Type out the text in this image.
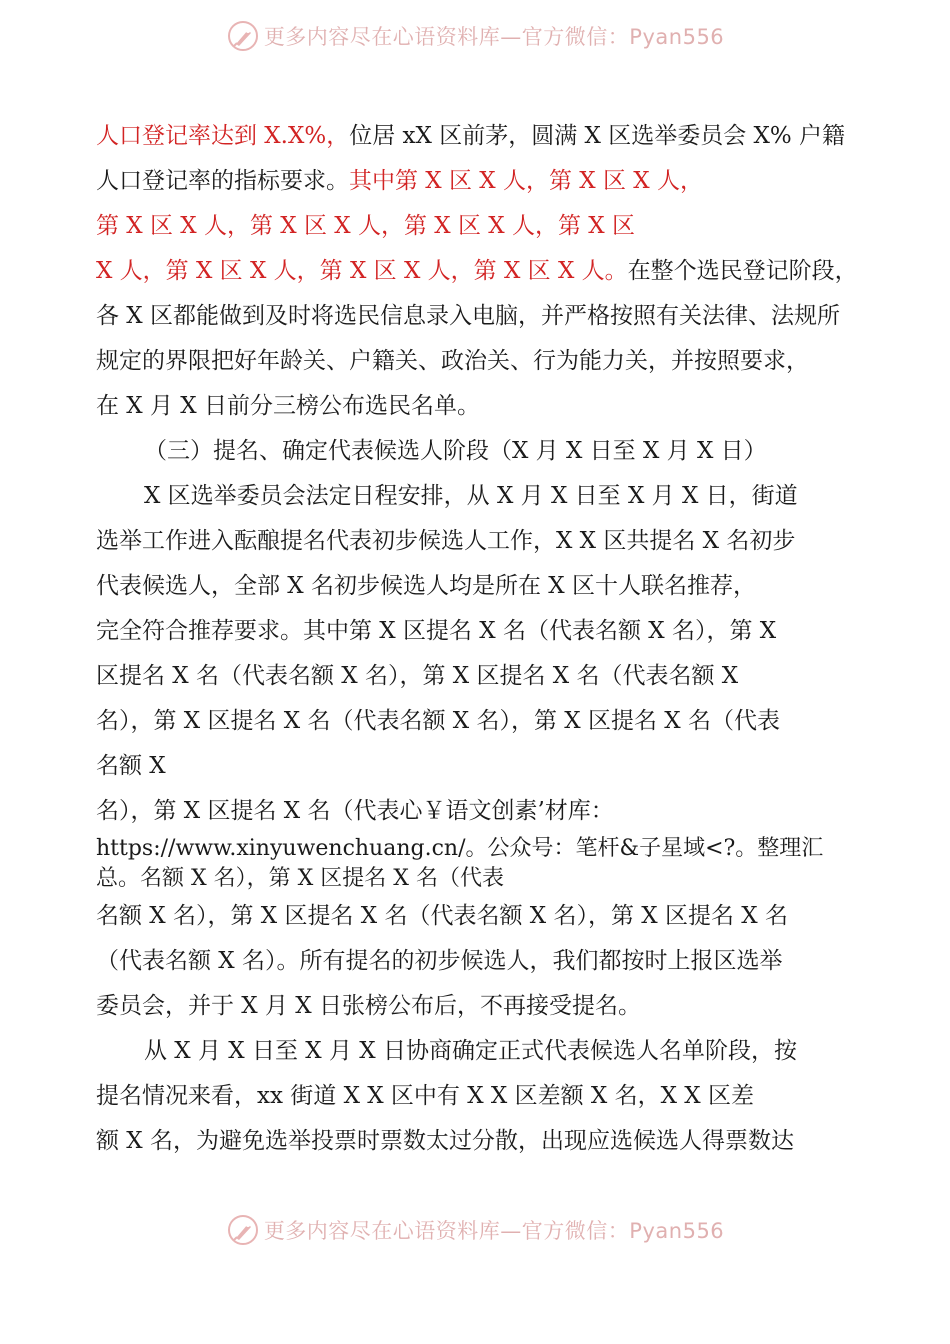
更多内容尽在心语资料库—官方微信：Pyan556
人口登记率达到 X.X%，位居 xX 区前茅，圆满 X 区选举委员会 X% 户籍
人口登记率的指标要求。其中第 X 区 X 人，第 X 区 X 人，
第 X 区 X 人，第 X 区 X 人，第 X 区 X 人，第 X 区
X 人，第 X 区 X 人，第 X 区 X 人，第 X 区 X 人。在整个选民登记阶段，
各 X 区都能做到及时将选民信息录入电脑，并严格按照有关法律、法规所
规定的界限把好年龄关、户籍关、政治关、行为能力关，并按照要求，
在 X 月 X 日前分三榜公布选民名单。
（三）提名、确定代表候选人阶段（X 月 X 日至 X 月 X 日）
X 区选举委员会法定日程安排，从 X 月 X 日至 X 月 X 日，街道
选举工作进入酝酿提名代表初步候选人工作，X X 区共提名 X 名初步
代表候选人，全部 X 名初步候选人均是所在 X 区十人联名推荐，
完全符合推荐要求。其中第 X 区提名 X 名（代表名额 X 名），第 X
区提名 X 名（代表名额 X 名），第 X 区提名 X 名（代表名额 X
名），第 X 区提名 X 名（代表名额 X 名），第 X 区提名 X 名（代表
名额 X
名），第 X 区提名 X 名（代表心￥语文创素’材库：
https://www.xinyuwenchuang.cn/。公众号：笔杆&子星域<?。整理汇
总。名额 X 名），第 X 区提名 X 名（代表
名额 X 名），第 X 区提名 X 名（代表名额 X 名），第 X 区提名 X 名
（代表名额 X 名）。所有提名的初步候选人，我们都按时上报区选举
委员会，并于 X 月 X 日张榜公布后，不再接受提名。
从 X 月 X 日至 X 月 X 日协商确定正式代表候选人名单阶段，按
提名情况来看，xx 街道 X X 区中有 X X 区差额 X 名，X X 区差
额 X 名，为避免选举投票时票数太过分散，出现应选候选人得票数达
更多内容尽在心语资料库—官方微信：Pyan556
